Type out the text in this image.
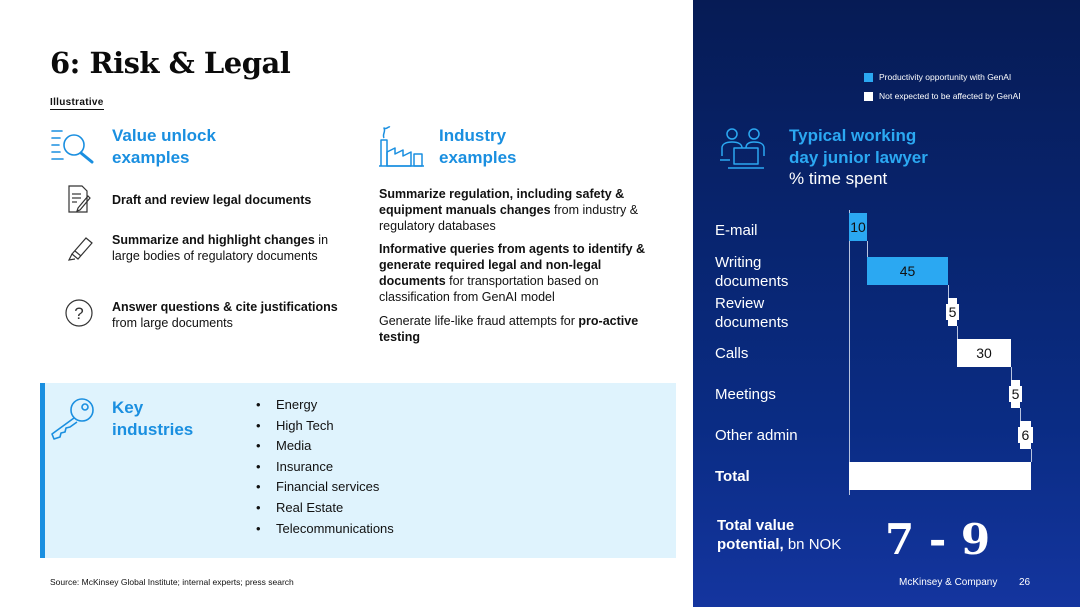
6: Risk & Legal
Illustrative
Value unlock
examples
Draft and review legal documents
Summarize and highlight changes in large bodies of regulatory documents
? Answer questions & cite justifications from large documents
Industry
examples
Summarize regulation, including safety & equipment manuals changes from industry & regulatory databases
Informative queries from agents to identify & generate required legal and non-legal documents for transportation based on classification from GenAI model
Generate life-like fraud attempts for pro-active testing
Key
industries
• Energy
• High Tech
• Media
• Insurance
• Financial services
• Real Estate
• Telecommunications
Source: McKinsey Global Institute; internal experts; press search
Productivity opportunity with GenAI
Not expected to be affected by GenAI
Typical working
day junior lawyer
% time spent
E-mail
Writing
documents
Review
documents
Calls
Meetings
Other admin
Total
10
45
5
30
5
6
Total value
potential, bn NOK 7 - 9
McKinsey & Company 26
